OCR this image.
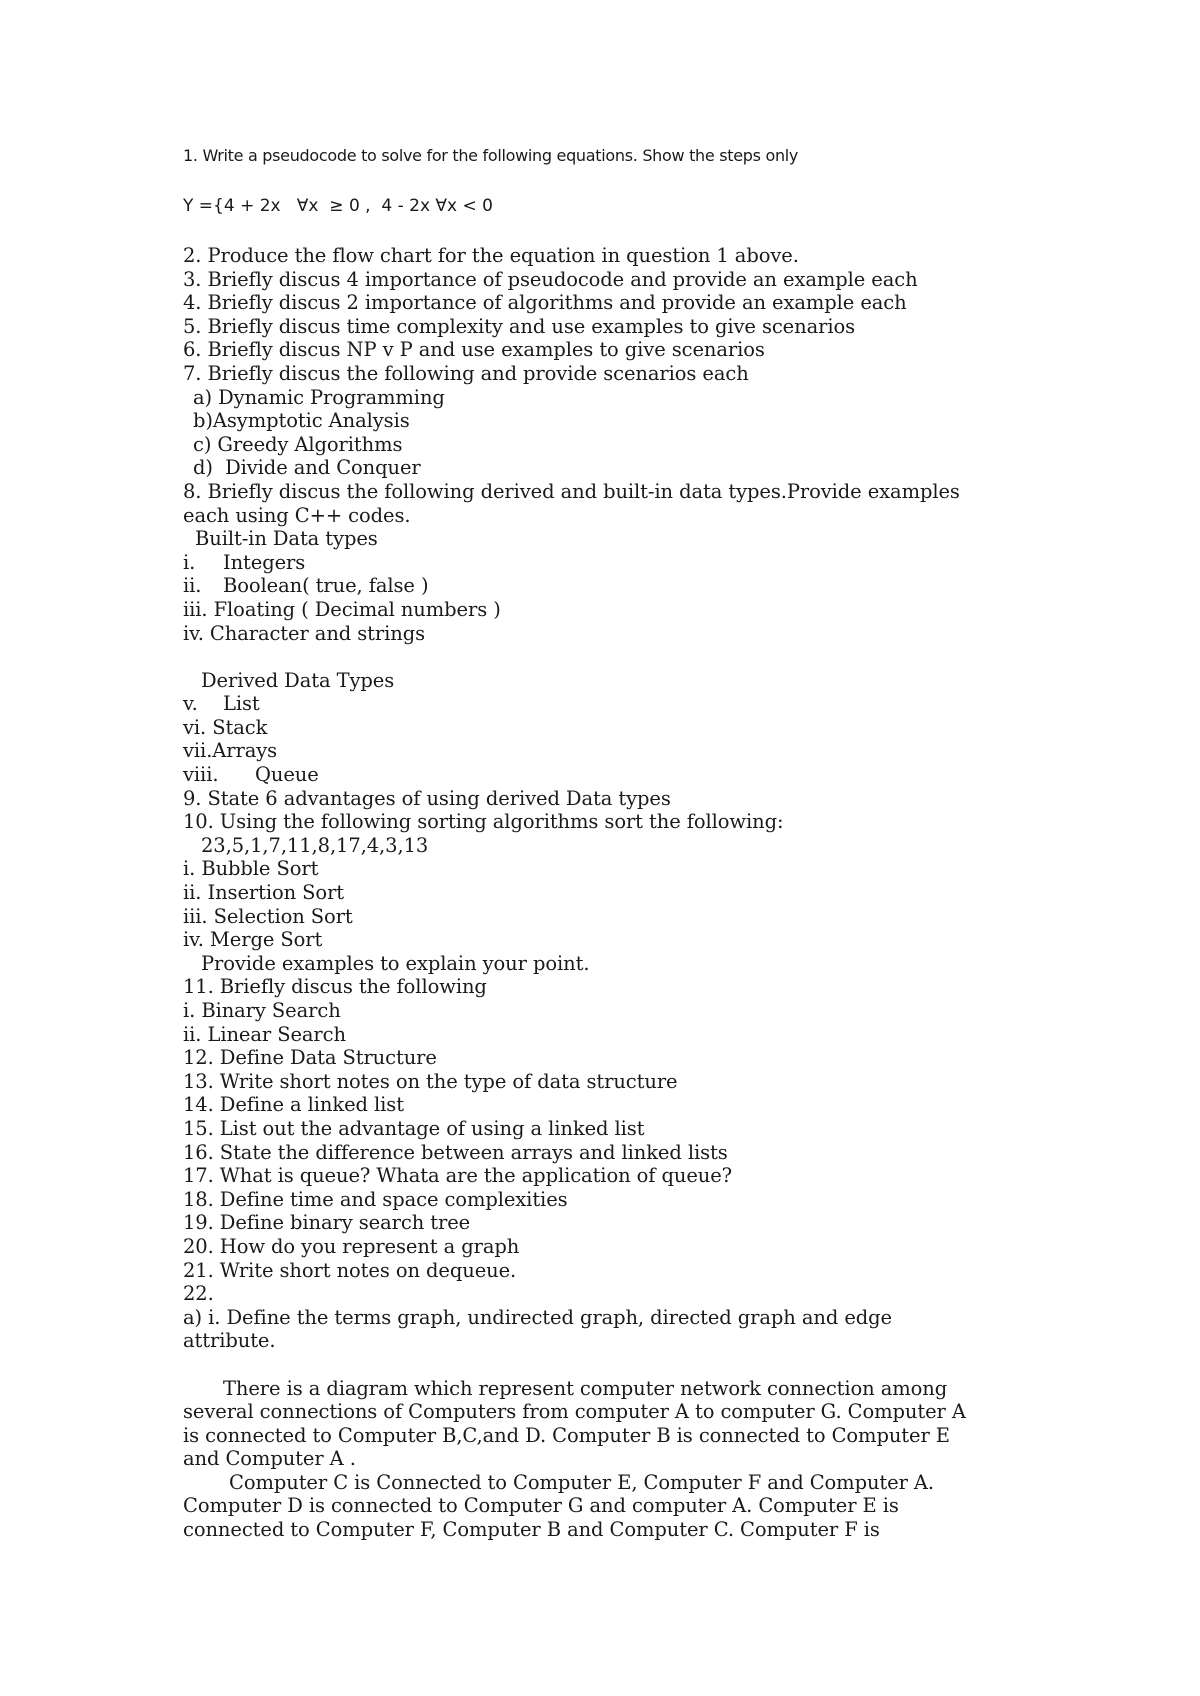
1. Write a pseudocode to solve for the following equations. Show the steps only
Y ={4 + 2x   ∀x  ≥ 0 ,  4 - 2x ∀x < 0
2. Produce the flow chart for the equation in question 1 above.
3. Briefly discus 4 importance of pseudocode and provide an example each
4. Briefly discus 2 importance of algorithms and provide an example each
5. Briefly discus time complexity and use examples to give scenarios
6. Briefly discus NP v P and use examples to give scenarios
7. Briefly discus the following and provide scenarios each
a) Dynamic Programming
b)Asymptotic Analysis
c) Greedy Algorithms
d)  Divide and Conquer
8. Briefly discus the following derived and built-in data types.Provide examples
each using C++ codes.
Built-in Data types
i. Integers
ii. Boolean( true, false )
iii. Floating ( Decimal numbers )
iv. Character and strings
Derived Data Types
v. List
vi. Stack
vii.Arrays
viii. Queue
9. State 6 advantages of using derived Data types
10. Using the following sorting algorithms sort the following:
23,5,1,7,11,8,17,4,3,13
i. Bubble Sort
ii. Insertion Sort
iii. Selection Sort
iv. Merge Sort
Provide examples to explain your point.
11. Briefly discus the following
i. Binary Search
ii. Linear Search
12. Define Data Structure
13. Write short notes on the type of data structure
14. Define a linked list
15. List out the advantage of using a linked list
16. State the difference between arrays and linked lists
17. What is queue? Whata are the application of queue?
18. Define time and space complexities
19. Define binary search tree
20. How do you represent a graph
21. Write short notes on dequeue.
22.
a) i. Define the terms graph, undirected graph, directed graph and edge
attribute.
There is a diagram which represent computer network connection among
several connections of Computers from computer A to computer G. Computer A
is connected to Computer B,C,and D. Computer B is connected to Computer E
and Computer A .
Computer C is Connected to Computer E, Computer F and Computer A.
Computer D is connected to Computer G and computer A. Computer E is
connected to Computer F, Computer B and Computer C. Computer F is
